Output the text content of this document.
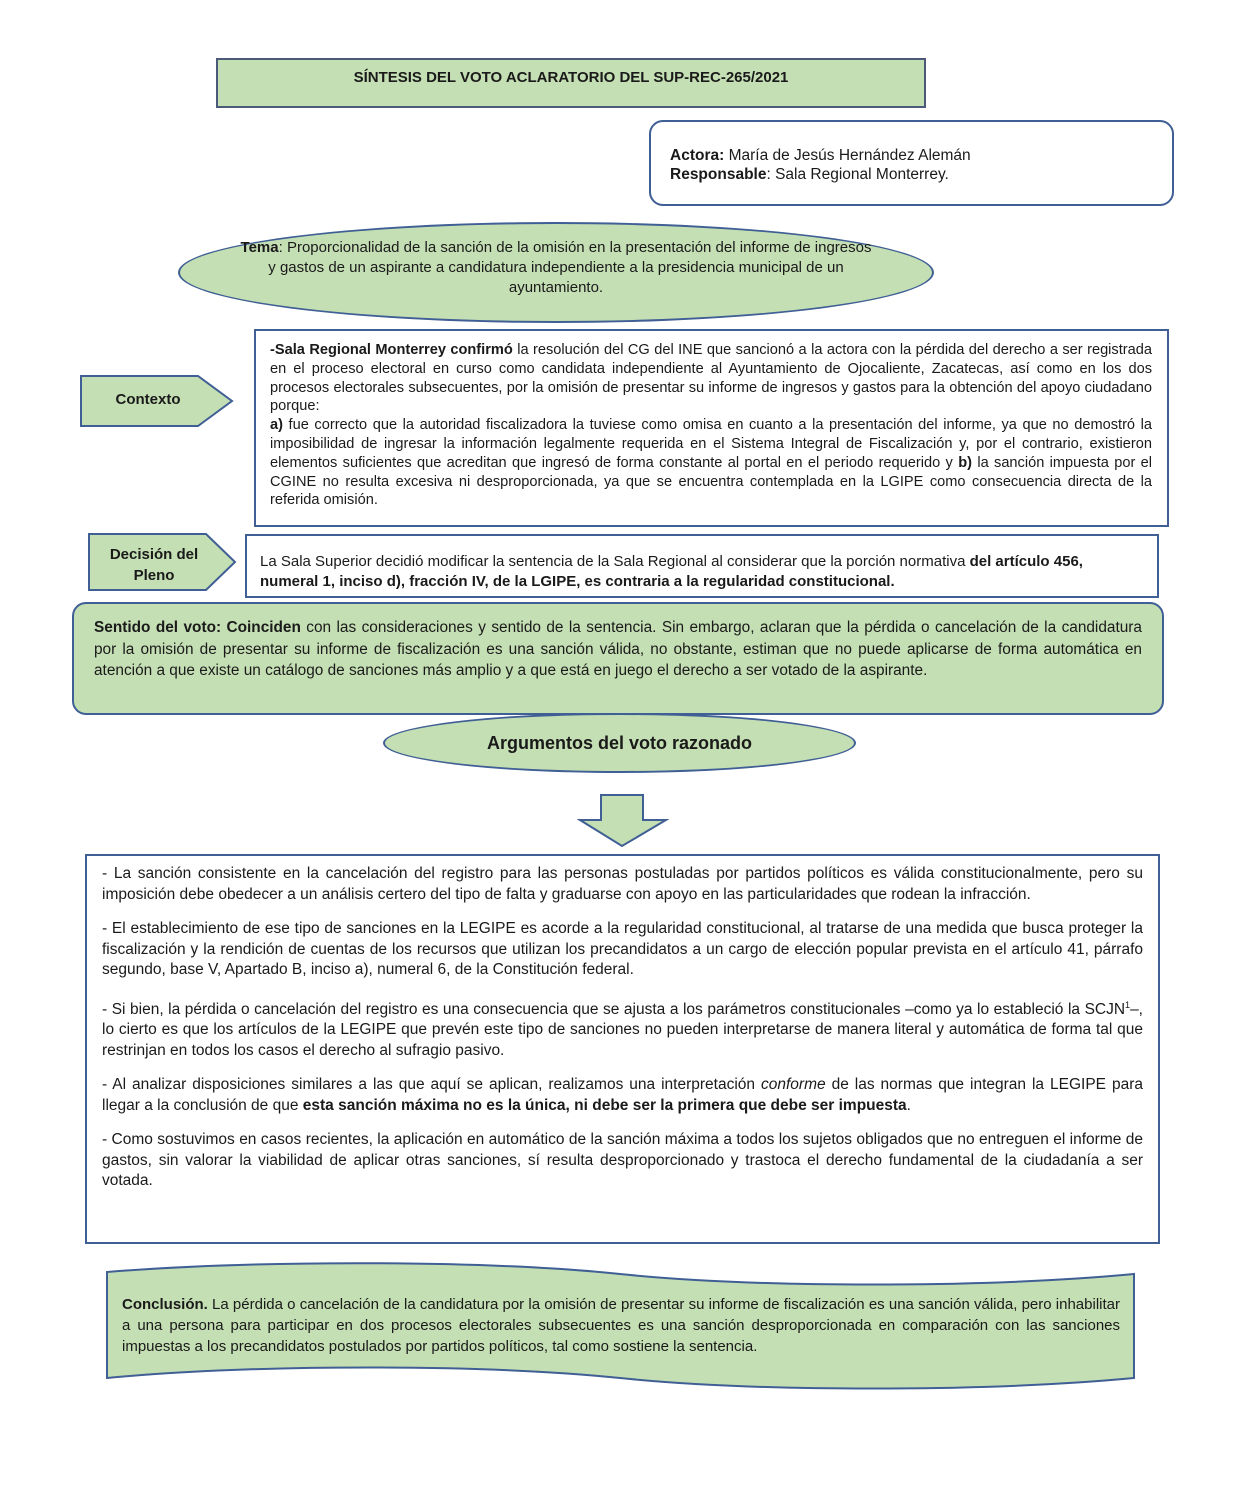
SÍNTESIS DEL VOTO ACLARATORIO DEL SUP-REC-265/2021
Actora: María de Jesús Hernández Alemán
Responsable: Sala Regional Monterrey.
Tema: Proporcionalidad de la sanción de la omisión en la presentación del informe de ingresos y gastos de un aspirante a candidatura independiente a la presidencia municipal de un ayuntamiento.
Contexto
-Sala Regional Monterrey confirmó la resolución del CG del INE que sancionó a la actora con la pérdida del derecho a ser registrada en el proceso electoral en curso como candidata independiente al Ayuntamiento de Ojocaliente, Zacatecas, así como en los dos procesos electorales subsecuentes, por la omisión de presentar su informe de ingresos y gastos para la obtención del apoyo ciudadano porque:
a) fue correcto que la autoridad fiscalizadora la tuviese como omisa en cuanto a la presentación del informe, ya que no demostró la imposibilidad de ingresar la información legalmente requerida en el Sistema Integral de Fiscalización y, por el contrario, existieron elementos suficientes que acreditan que ingresó de forma constante al portal en el periodo requerido y b) la sanción impuesta por el CGINE no resulta excesiva ni desproporcionada, ya que se encuentra contemplada en la LGIPE como consecuencia directa de la referida omisión.
Decisión del
Pleno
La Sala Superior decidió modificar la sentencia de la Sala Regional al considerar que la porción normativa del artículo 456, numeral 1, inciso d), fracción IV, de la LGIPE, es contraria a la regularidad constitucional.
Sentido del voto: Coinciden con las consideraciones y sentido de la sentencia. Sin embargo, aclaran que la pérdida o cancelación de la candidatura por la omisión de presentar su informe de fiscalización es una sanción válida, no obstante, estiman que no puede aplicarse de forma automática en atención a que existe un catálogo de sanciones más amplio y a que está en juego el derecho a ser votado de la aspirante.
Argumentos del voto razonado

- La sanción consistente en la cancelación del registro para las personas postuladas por partidos políticos es válida constitucionalmente, pero su imposición debe obedecer a un análisis certero del tipo de falta y graduarse con apoyo en las particularidades que rodean la infracción.

- El establecimiento de ese tipo de sanciones en la LEGIPE es acorde a la regularidad constitucional, al tratarse de una medida que busca proteger la fiscalización y la rendición de cuentas de los recursos que utilizan los precandidatos a un cargo de elección popular prevista en el artículo 41, párrafo segundo, base V, Apartado B, inciso a), numeral 6, de la Constitución federal.

- Si bien, la pérdida o cancelación del registro es una consecuencia que se ajusta a los parámetros constitucionales –como ya lo estableció la SCJN$^1$–, lo cierto es que los artículos de la LEGIPE que prevén este tipo de sanciones no pueden interpretarse de manera literal y automática de forma tal que restrinjan en todos los casos el derecho al sufragio pasivo.

- Al analizar disposiciones similares a las que aquí se aplican, realizamos una interpretación conforme de las normas que integran la LEGIPE para llegar a la conclusión de que esta sanción máxima no es la única, ni debe ser la primera que debe ser impuesta.

- Como sostuvimos en casos recientes, la aplicación en automático de la sanción máxima a todos los sujetos obligados que no entreguen el informe de gastos, sin valorar la viabilidad de aplicar otras sanciones, sí resulta desproporcionado y trastoca el derecho fundamental de la ciudadanía a ser votada.

Conclusión. La pérdida o cancelación de la candidatura por la omisión de presentar su informe de fiscalización es una sanción válida, pero inhabilitar a una persona para participar en dos procesos electorales subsecuentes es una sanción desproporcionada en comparación con las sanciones impuestas a los precandidatos postulados por partidos políticos, tal como sostiene la sentencia.
